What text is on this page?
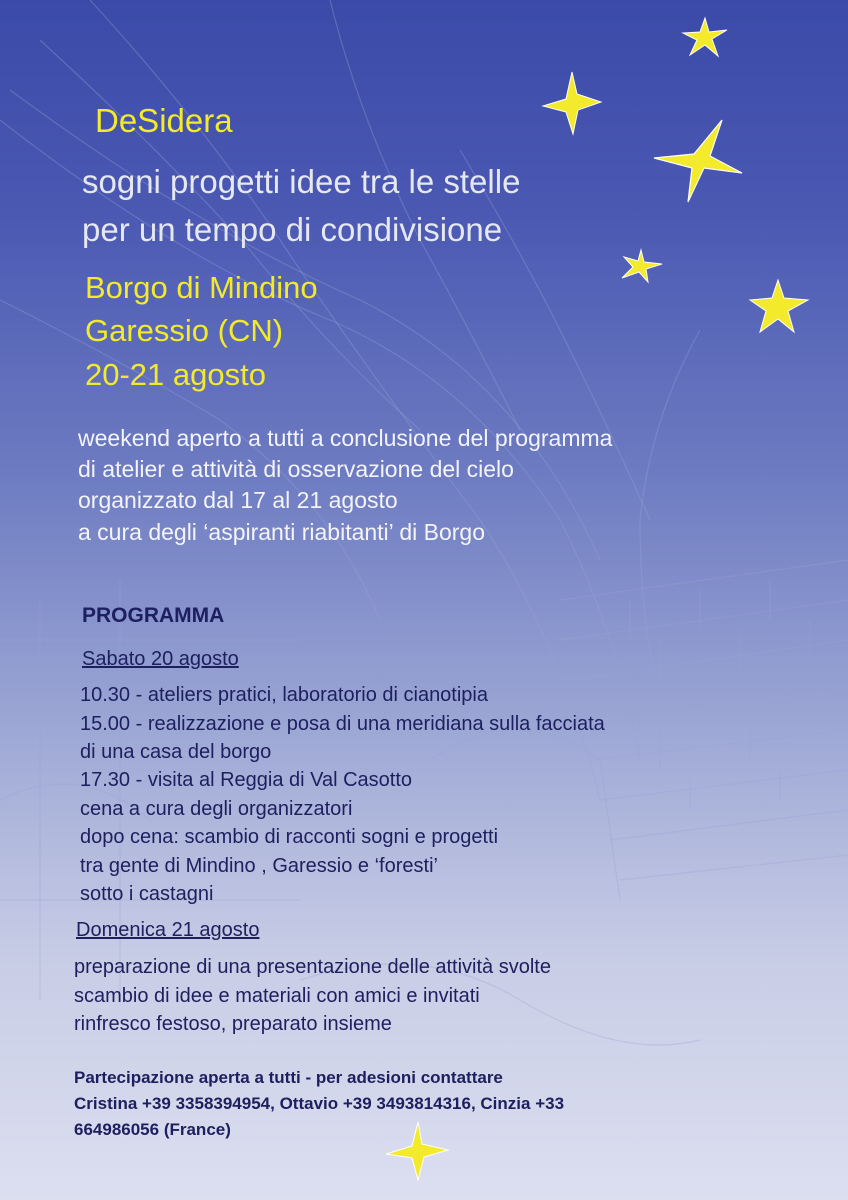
DeSidera
sogni progetti idee tra le stelle
per un tempo di condivisione
Borgo di Mindino
Garessio (CN)
20-21 agosto
weekend aperto a tutti a conclusione del programma
di atelier e attività di osservazione del cielo
organizzato dal 17 al 21 agosto
a cura degli ‘aspiranti riabitanti’ di Borgo
PROGRAMMA
Sabato 20 agosto
10.30 - ateliers pratici, laboratorio di cianotipia
15.00 - realizzazione e posa di una meridiana sulla facciata
di una casa del borgo
17.30 - visita al Reggia di Val Casotto
cena a cura degli organizzatori
dopo cena: scambio di racconti sogni e progetti
tra gente di Mindino , Garessio e ‘foresti’
sotto i castagni
Domenica 21 agosto
preparazione di una presentazione delle attività svolte
scambio di idee e materiali con amici e invitati
rinfresco festoso, preparato insieme
Partecipazione aperta a tutti - per adesioni contattare
Cristina +39 3358394954, Ottavio +39 3493814316, Cinzia +33
664986056 (France)
